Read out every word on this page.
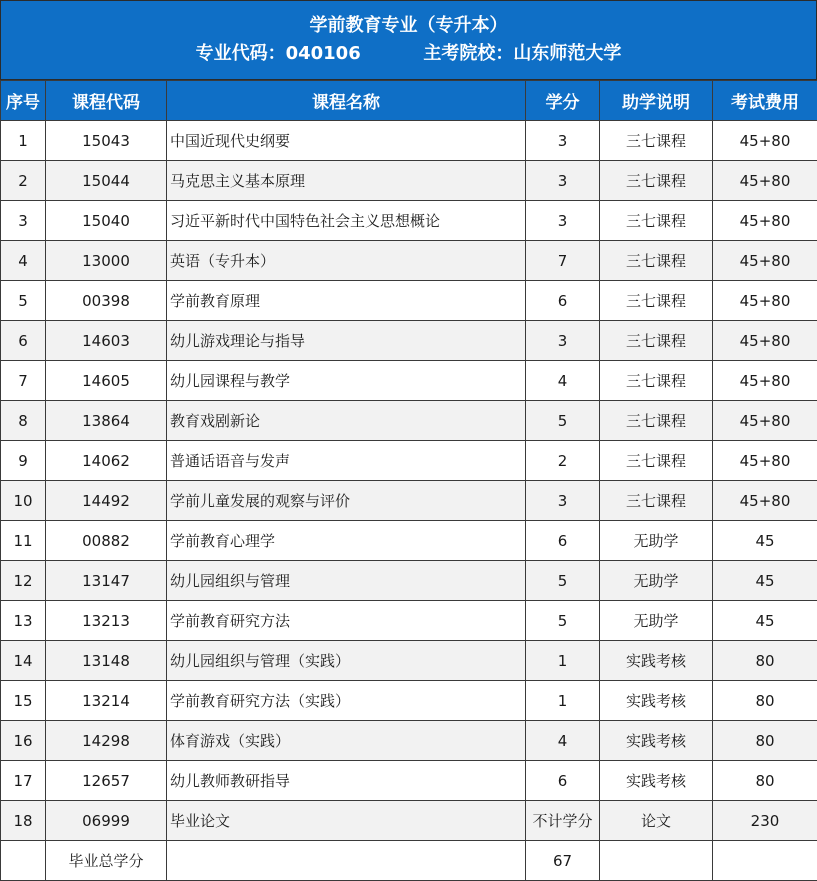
学前教育专业（专升本）
专业代码：040106	主考院校：山东师范大学
序号	课程代码	课程名称	学分	助学说明	考试费用
1	15043	中国近现代史纲要	3	三七课程	45+80
2	15044	马克思主义基本原理	3	三七课程	45+80
3	15040	习近平新时代中国特色社会主义思想概论	3	三七课程	45+80
4	13000	英语（专升本）	7	三七课程	45+80
5	00398	学前教育原理	6	三七课程	45+80
6	14603	幼儿游戏理论与指导	3	三七课程	45+80
7	14605	幼儿园课程与教学	4	三七课程	45+80
8	13864	教育戏剧新论	5	三七课程	45+80
9	14062	普通话语音与发声	2	三七课程	45+80
10	14492	学前儿童发展的观察与评价	3	三七课程	45+80
11	00882	学前教育心理学	6	无助学	45
12	13147	幼儿园组织与管理	5	无助学	45
13	13213	学前教育研究方法	5	无助学	45
14	13148	幼儿园组织与管理（实践）	1	实践考核	80
15	13214	学前教育研究方法（实践）	1	实践考核	80
16	14298	体育游戏（实践）	4	实践考核	80
17	12657	幼儿教师教研指导	6	实践考核	80
18	06999	毕业论文	不计学分	论文	230
	毕业总学分		67		
